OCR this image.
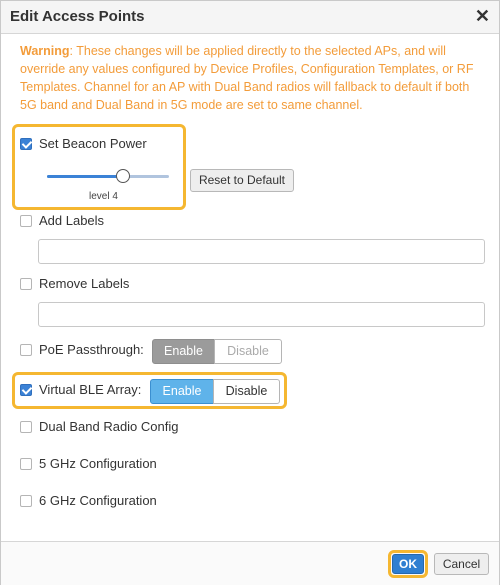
Edit Access Points	✕
Warning: These changes will be applied directly to the selected APs, and will override any values configured by Device Profiles, Configuration Templates, or RF Templates. Channel for an AP with Dual Band radios will fallback to default if both 5G band and Dual Band in 5G mode are set to same channel.
Set Beacon Power
level 4
Reset to Default
Add Labels
Remove Labels
PoE Passthrough:	Enable	Disable
Virtual BLE Array:	Enable	Disable
Dual Band Radio Config
5 GHz Configuration
6 GHz Configuration
OK	Cancel
